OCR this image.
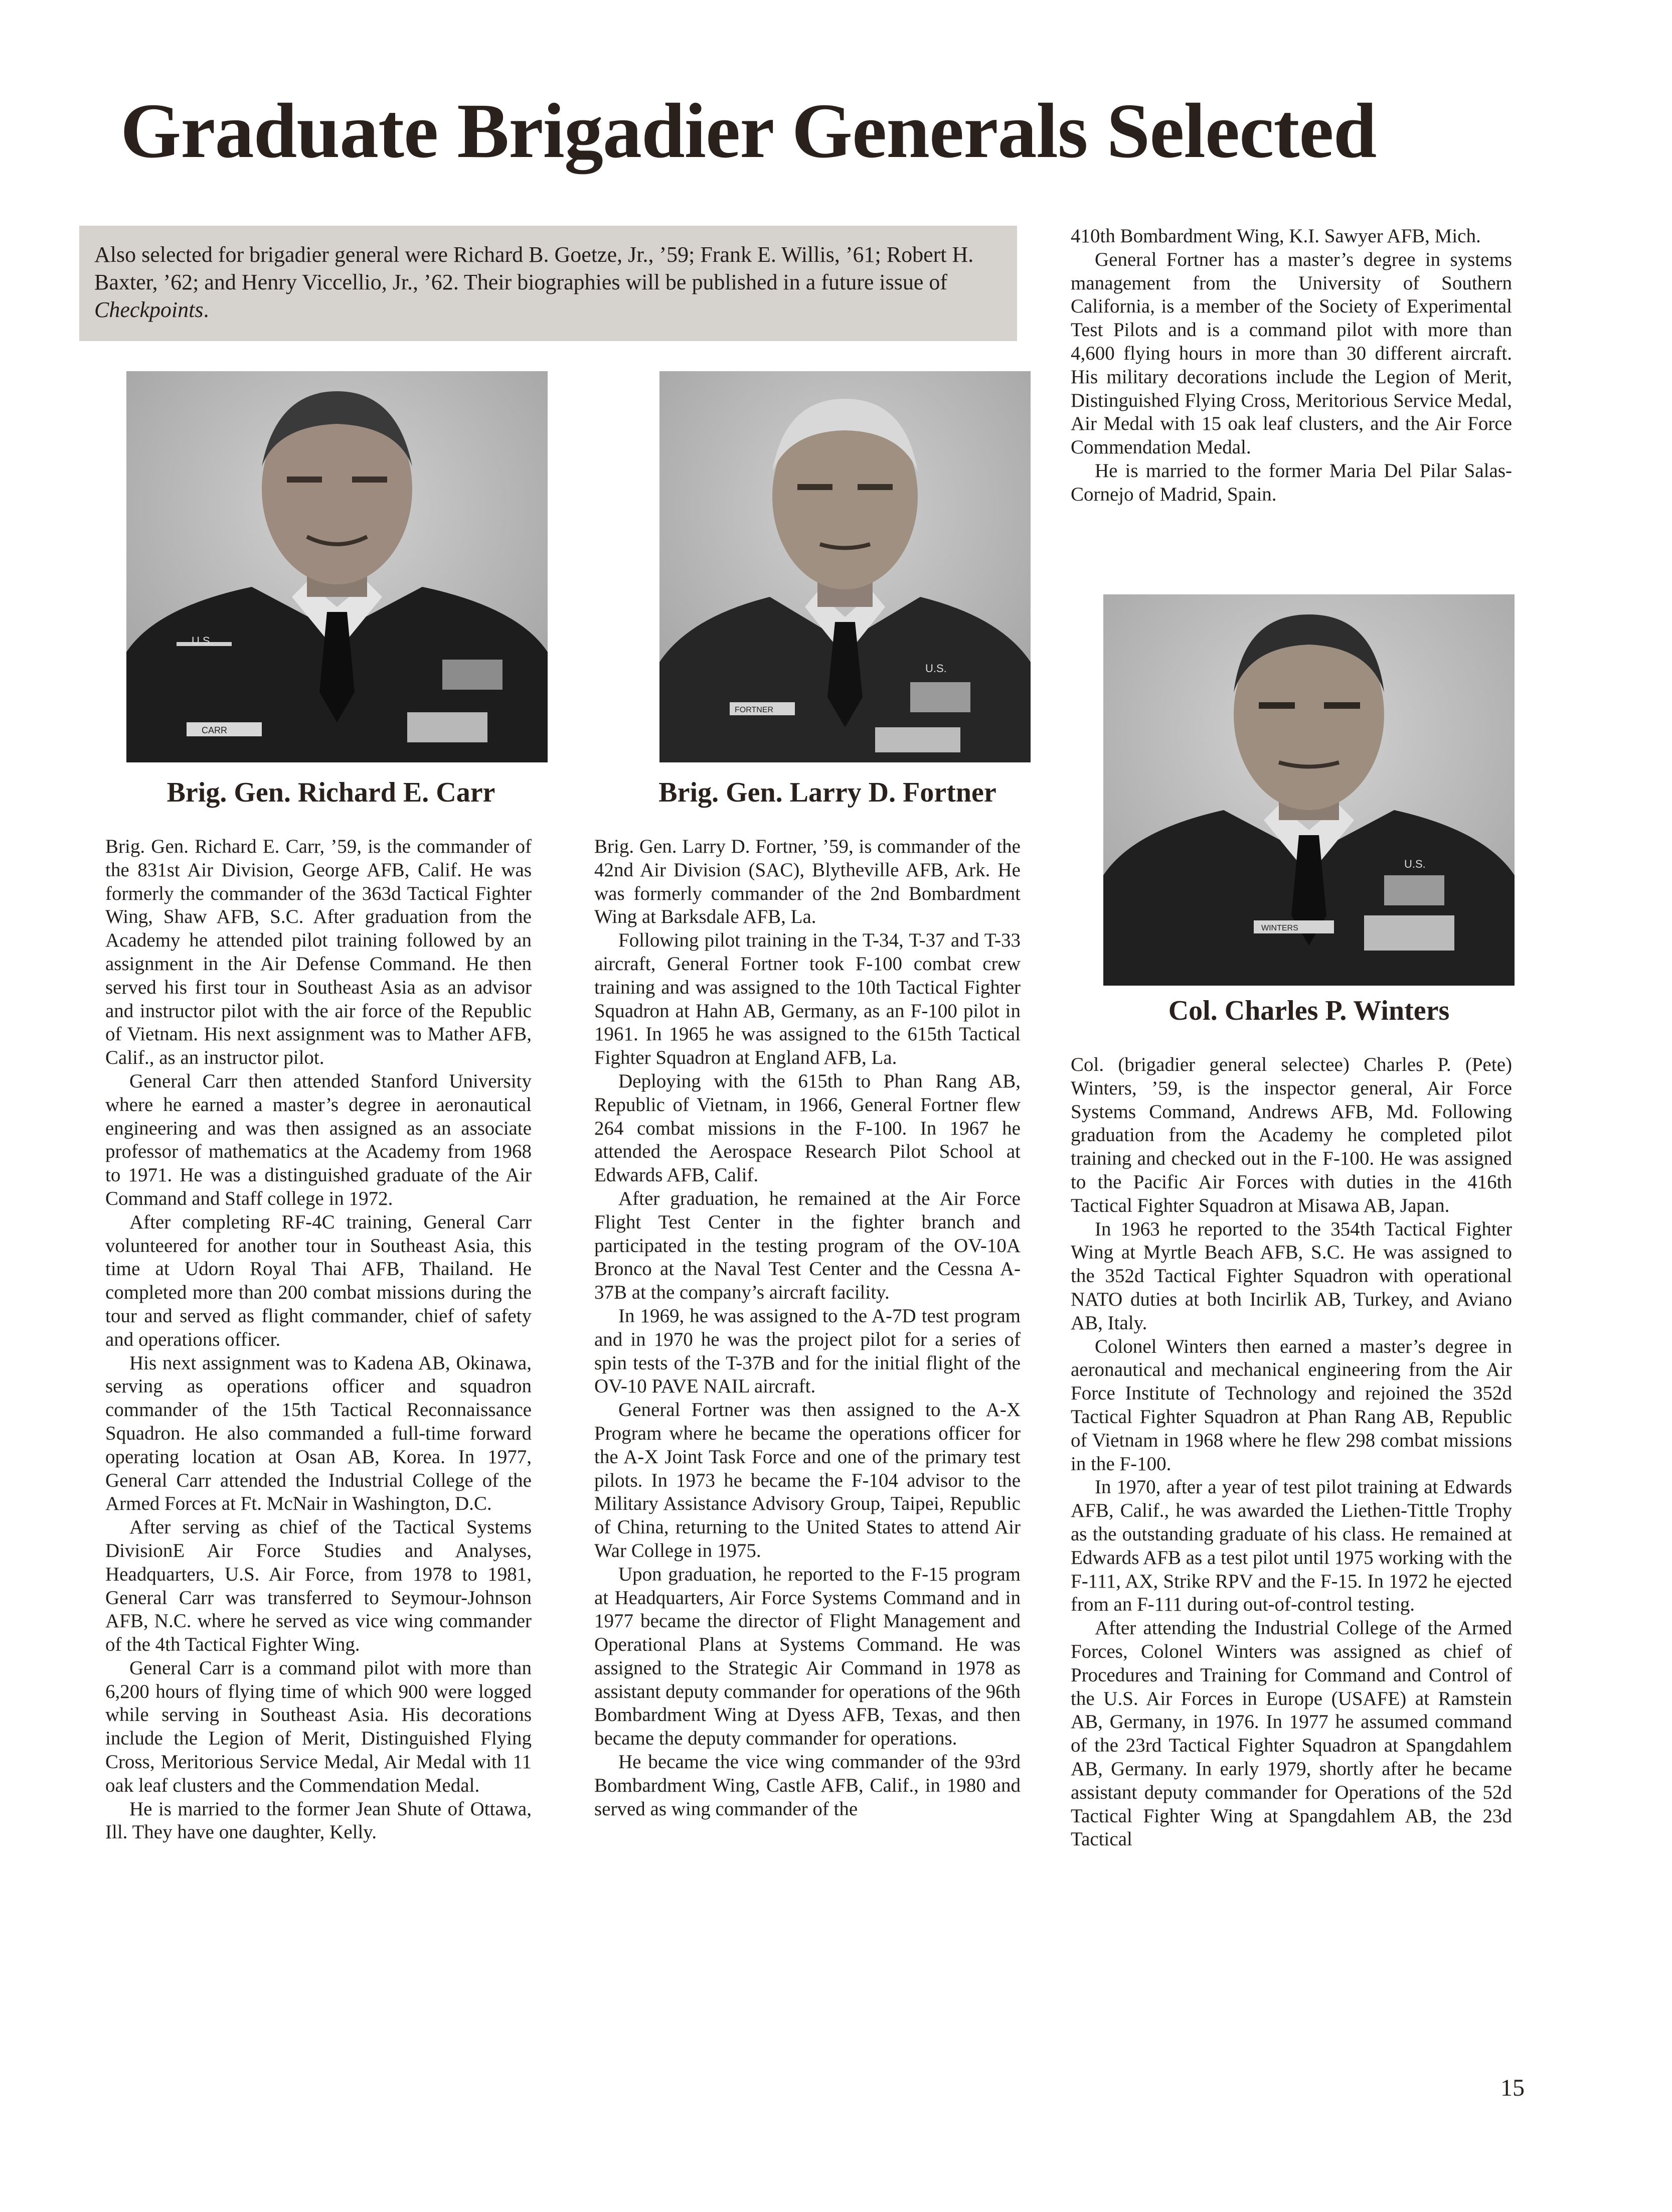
Graduate Brigadier Generals Selected
Also selected for brigadier general were Richard B. Goetze, Jr., ’59; Frank E. Willis, ’61; Robert H. Baxter, ’62; and Henry Viccellio, Jr., ’62. Their biographies will be published in a future issue of Checkpoints.

410th Bombardment Wing, K.I. Sawyer AFB, Mich.

General Fortner has a master’s degree in systems management from the University of Southern California, is a member of the Society of Experimental Test Pilots and is a command pilot with more than 4,600 flying hours in more than 30 different aircraft. His military decorations include the Legion of Merit, Distinguished Flying Cross, Meritorious Service Medal, Air Medal with 15 oak leaf clusters, and the Air Force Commendation Medal.

He is married to the former Maria Del Pilar Salas-Cornejo of Madrid, Spain.

U.S.
CARR
Brig. Gen. Richard E. Carr
U.S.
FORTNER
Brig. Gen. Larry D. Fortner
U.S.
WINTERS
Col. Charles P. Winters

Brig. Gen. Richard E. Carr, ’59, is the commander of the 831st Air Division, George AFB, Calif. He was formerly the commander of the 363d Tactical Fighter Wing, Shaw AFB, S.C. After graduation from the Academy he attended pilot training followed by an assignment in the Air Defense Command. He then served his first tour in Southeast Asia as an advisor and instructor pilot with the air force of the Republic of Vietnam. His next assignment was to Mather AFB, Calif., as an instructor pilot.

General Carr then attended Stanford University where he earned a master’s degree in aeronautical engineering and was then assigned as an associate professor of mathematics at the Academy from 1968 to 1971. He was a distinguished graduate of the Air Command and Staff college in 1972.

After completing RF-4C training, General Carr volunteered for another tour in Southeast Asia, this time at Udorn Royal Thai AFB, Thailand. He completed more than 200 combat missions during the tour and served as flight commander, chief of safety and operations officer.

His next assignment was to Kadena AB, Okinawa, serving as operations officer and squadron commander of the 15th Tactical Reconnaissance Squadron. He also commanded a full-time forward operating location at Osan AB, Korea. In 1977, General Carr attended the Industrial College of the Armed Forces at Ft. McNair in Washington, D.C.

After serving as chief of the Tactical Systems DivisionE Air Force Studies and Analyses, Headquarters, U.S. Air Force, from 1978 to 1981, General Carr was transferred to Seymour-Johnson AFB, N.C. where he served as vice wing commander of the 4th Tactical Fighter Wing.

General Carr is a command pilot with more than 6,200 hours of flying time of which 900 were logged while serving in Southeast Asia. His decorations include the Legion of Merit, Distinguished Flying Cross, Meritorious Service Medal, Air Medal with 11 oak leaf clusters and the Commendation Medal.

He is married to the former Jean Shute of Ottawa, Ill. They have one daughter, Kelly.

Brig. Gen. Larry D. Fortner, ’59, is commander of the 42nd Air Division (SAC), Blytheville AFB, Ark. He was formerly commander of the 2nd Bombardment Wing at Barksdale AFB, La.

Following pilot training in the T-34, T-37 and T-33 aircraft, General Fortner took F-100 combat crew training and was assigned to the 10th Tactical Fighter Squadron at Hahn AB, Germany, as an F-100 pilot in 1961. In 1965 he was assigned to the 615th Tactical Fighter Squadron at England AFB, La.

Deploying with the 615th to Phan Rang AB, Republic of Vietnam, in 1966, General Fortner flew 264 combat missions in the F-100. In 1967 he attended the Aerospace Research Pilot School at Edwards AFB, Calif.

After graduation, he remained at the Air Force Flight Test Center in the fighter branch and participated in the testing program of the OV-10A Bronco at the Naval Test Center and the Cessna A-37B at the company’s aircraft facility.

In 1969, he was assigned to the A-7D test program and in 1970 he was the project pilot for a series of spin tests of the T-37B and for the initial flight of the OV-10 PAVE NAIL aircraft.

General Fortner was then assigned to the A-X Program where he became the operations officer for the A-X Joint Task Force and one of the primary test pilots. In 1973 he became the F-104 advisor to the Military Assistance Advisory Group, Taipei, Republic of China, returning to the United States to attend Air War College in 1975.

Upon graduation, he reported to the F-15 program at Headquarters, Air Force Systems Command and in 1977 became the director of Flight Management and Operational Plans at Systems Command. He was assigned to the Strategic Air Command in 1978 as assistant deputy commander for operations of the 96th Bombardment Wing at Dyess AFB, Texas, and then became the deputy commander for operations.

He became the vice wing commander of the 93rd Bombardment Wing, Castle AFB, Calif., in 1980 and served as wing commander of the

Col. (brigadier general selectee) Charles P. (Pete) Winters, ’59, is the inspector general, Air Force Systems Command, Andrews AFB, Md. Following graduation from the Academy he completed pilot training and checked out in the F-100. He was assigned to the Pacific Air Forces with duties in the 416th Tactical Fighter Squadron at Misawa AB, Japan.

In 1963 he reported to the 354th Tactical Fighter Wing at Myrtle Beach AFB, S.C. He was assigned to the 352d Tactical Fighter Squadron with operational NATO duties at both Incirlik AB, Turkey, and Aviano AB, Italy.

Colonel Winters then earned a master’s degree in aeronautical and mechanical engineering from the Air Force Institute of Technology and rejoined the 352d Tactical Fighter Squadron at Phan Rang AB, Republic of Vietnam in 1968 where he flew 298 combat missions in the F-100.

In 1970, after a year of test pilot training at Edwards AFB, Calif., he was awarded the Liethen-Tittle Trophy as the outstanding graduate of his class. He remained at Edwards AFB as a test pilot until 1975 working with the F-111, AX, Strike RPV and the F-15. In 1972 he ejected from an F-111 during out-of-control testing.

After attending the Industrial College of the Armed Forces, Colonel Winters was assigned as chief of Procedures and Training for Command and Control of the U.S. Air Forces in Europe (USAFE) at Ramstein AB, Germany, in 1976. In 1977 he assumed command of the 23rd Tactical Fighter Squadron at Spangdahlem AB, Germany. In early 1979, shortly after he became assistant deputy commander for Operations of the 52d Tactical Fighter Wing at Spangdahlem AB, the 23d Tactical

15
